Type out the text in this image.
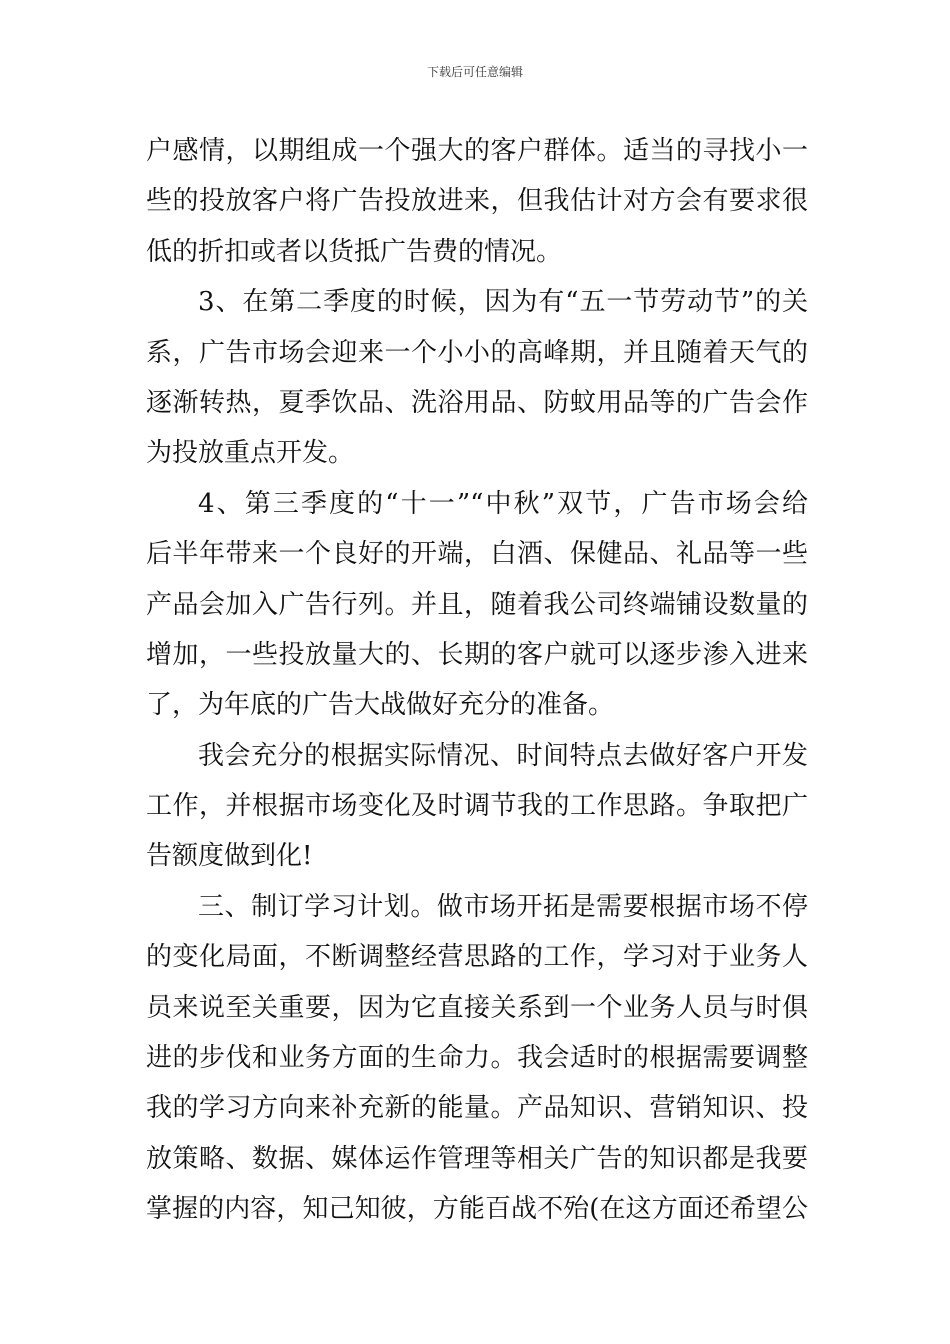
下载后可任意编辑
户感情，以期组成一个强大的客户群体。适当的寻找小一
些的投放客户将广告投放进来，但我估计对方会有要求很
低的折扣或者以货抵广告费的情况。
3、在第二季度的时候，因为有“五一节劳动节”的关
系，广告市场会迎来一个小小的高峰期，并且随着天气的
逐渐转热，夏季饮品、洗浴用品、防蚊用品等的广告会作
为投放重点开发。
4、第三季度的“十一”“中秋”双节，广告市场会给
后半年带来一个良好的开端，白酒、保健品、礼品等一些
产品会加入广告行列。并且，随着我公司终端铺设数量的
增加，一些投放量大的、长期的客户就可以逐步渗入进来
了，为年底的广告大战做好充分的准备。
我会充分的根据实际情况、时间特点去做好客户开发
工作，并根据市场变化及时调节我的工作思路。争取把广
告额度做到化!
三、制订学习计划。做市场开拓是需要根据市场不停
的变化局面，不断调整经营思路的工作，学习对于业务人
员来说至关重要，因为它直接关系到一个业务人员与时俱
进的步伐和业务方面的生命力。我会适时的根据需要调整
我的学习方向来补充新的能量。产品知识、营销知识、投
放策略、数据、媒体运作管理等相关广告的知识都是我要
掌握的内容，知己知彼，方能百战不殆(在这方面还希望公
